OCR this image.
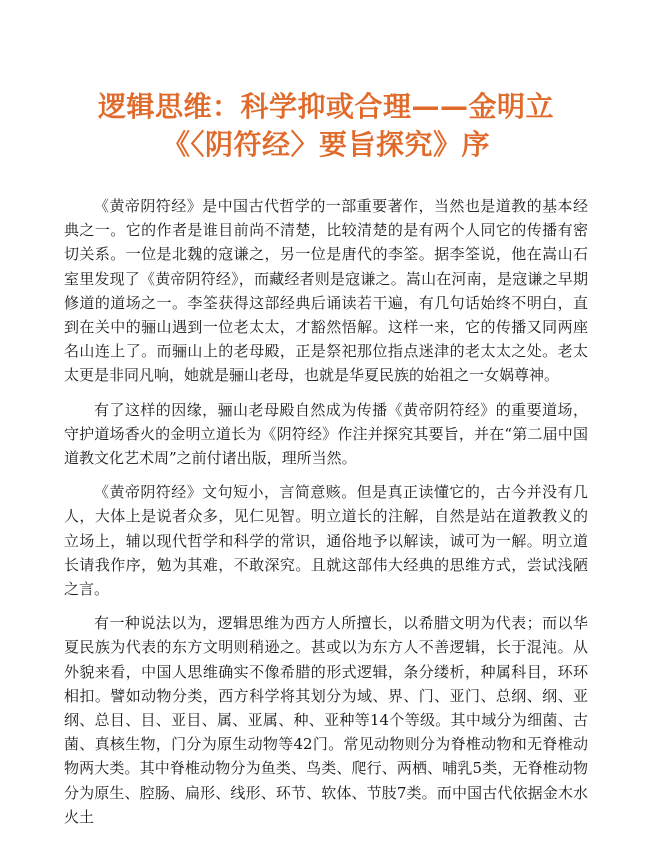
逻辑思维：科学抑或合理——金明立
《〈阴符经〉要旨探究》序

《黄帝阴符经》是中国古代哲学的一部重要著作，当然也是道教的基本经典之一。它的作者是谁目前尚不清楚，比较清楚的是有两个人同它的传播有密切关系。一位是北魏的寇谦之，另一位是唐代的李筌。据李筌说，他在嵩山石室里发现了《黄帝阴符经》，而藏经者则是寇谦之。嵩山在河南，是寇谦之早期修道的道场之一。李筌获得这部经典后诵读若干遍，有几句话始终不明白，直到在关中的骊山遇到一位老太太，才豁然悟解。这样一来，它的传播又同两座名山连上了。而骊山上的老母殿，正是祭祀那位指点迷津的老太太之处。老太太更是非同凡响，她就是骊山老母，也就是华夏民族的始祖之一女娲尊神。

有了这样的因缘，骊山老母殿自然成为传播《黄帝阴符经》的重要道场，守护道场香火的金明立道长为《阴符经》作注并探究其要旨，并在“第二届中国道教文化艺术周”之前付诸出版，理所当然。

《黄帝阴符经》文句短小，言简意赅。但是真正读懂它的，古今并没有几人，大体上是说者众多，见仁见智。明立道长的注解，自然是站在道教教义的立场上，辅以现代哲学和科学的常识，通俗地予以解读，诚可为一解。明立道长请我作序，勉为其难，不敢深究。且就这部伟大经典的思维方式，尝试浅陋之言。

有一种说法以为，逻辑思维为西方人所擅长，以希腊文明为代表；而以华夏民族为代表的东方文明则稍逊之。甚或以为东方人不善逻辑，长于混沌。从外貌来看，中国人思维确实不像希腊的形式逻辑，条分缕析，种属科目，环环相扣。譬如动物分类，西方科学将其划分为域、界、门、亚门、总纲、纲、亚纲、总目、目、亚目、属、亚属、种、亚种等14个等级。其中域分为细菌、古菌、真核生物，门分为原生动物等42门。常见动物则分为脊椎动物和无脊椎动物两大类。其中脊椎动物分为鱼类、鸟类、爬行、两栖、哺乳5类，无脊椎动物分为原生、腔肠、扁形、线形、环节、软体、节肢7类。而中国古代依据金木水火土
